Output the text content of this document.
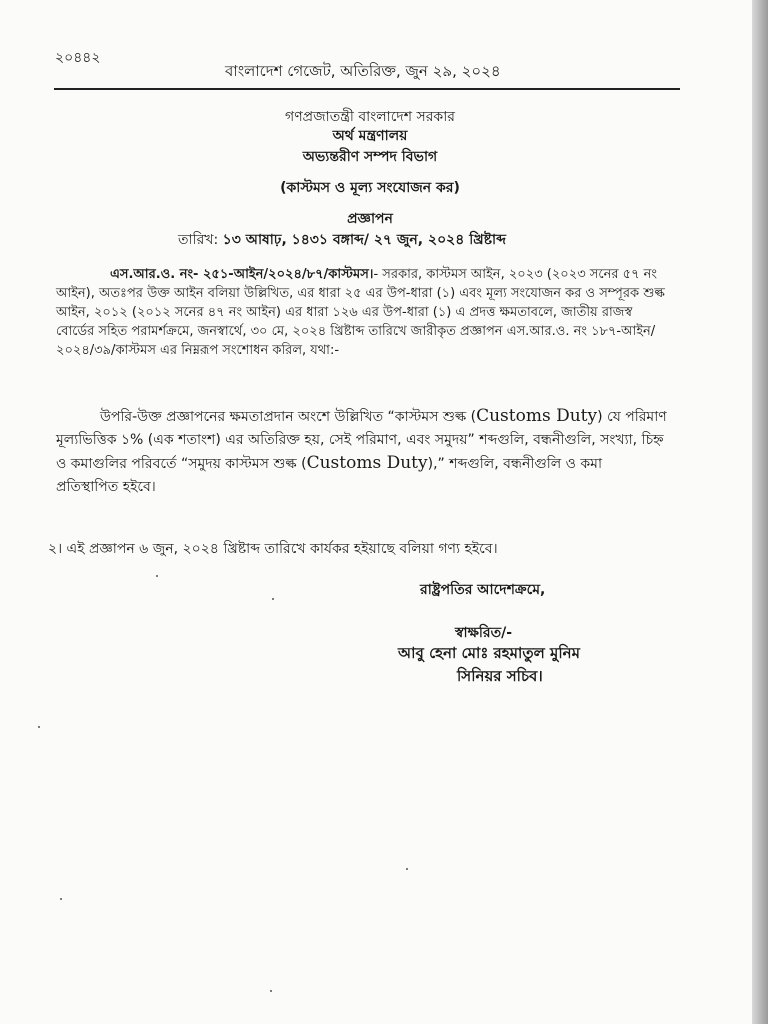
২০৪৪২
বাংলাদেশ গেজেট, অতিরিক্ত, জুন ২৯, ২০২৪
গণপ্রজাতন্ত্রী বাংলাদেশ সরকার
অর্থ মন্ত্রণালয়
অভ্যন্তরীণ সম্পদ বিভাগ
(কাস্টমস ও মূল্য সংযোজন কর)
প্রজ্ঞাপন
তারিখ: ১৩ আষাঢ়, ১৪৩১ বঙ্গাব্দ/ ২৭ জুন, ২০২৪ খ্রিষ্টাব্দ
এস.আর.ও. নং- ২৫১-আইন/২০২৪/৮৭/কাস্টমস।- সরকার, কাস্টমস আইন, ২০২৩ (২০২৩ সনের ৫৭ নং আইন), অতঃপর উক্ত আইন বলিয়া উল্লিখিত, এর ধারা ২৫ এর উপ-ধারা (১) এবং মূল্য সংযোজন কর ও সম্পূরক শুল্ক আইন, ২০১২ (২০১২ সনের ৪৭ নং আইন) এর ধারা ১২৬ এর উপ-ধারা (১) এ প্রদত্ত ক্ষমতাবলে, জাতীয় রাজস্ব বোর্ডের সহিত পরামর্শক্রমে, জনস্বার্থে, ৩০ মে, ২০২৪ খ্রিষ্টাব্দ তারিখে জারীকৃত প্রজ্ঞাপন এস.আর.ও. নং ১৮৭-আইন/২০২৪/৩৯/কাস্টমস এর নিম্নরূপ সংশোধন করিল, যথা:-
উপরি-উক্ত প্রজ্ঞাপনের ক্ষমতাপ্রদান অংশে উল্লিখিত “কাস্টমস শুল্ক (Customs Duty) যে পরিমাণ মূল্যভিত্তিক ১% (এক শতাংশ) এর অতিরিক্ত হয়, সেই পরিমাণ, এবং সমুদয়” শব্দগুলি, বন্ধনীগুলি, সংখ্যা, চিহ্ন ও কমাগুলির পরিবর্তে “সমুদয় কাস্টমস শুল্ক (Customs Duty),” শব্দগুলি, বন্ধনীগুলি ও কমা প্রতিস্থাপিত হইবে।
২। এই প্রজ্ঞাপন ৬ জুন, ২০২৪ খ্রিষ্টাব্দ তারিখে কার্যকর হইয়াছে বলিয়া গণ্য হইবে।
রাষ্ট্রপতির আদেশক্রমে,
স্বাক্ষরিত/-
আবু হেনা মোঃ রহমাতুল মুনিম
সিনিয়র সচিব।
